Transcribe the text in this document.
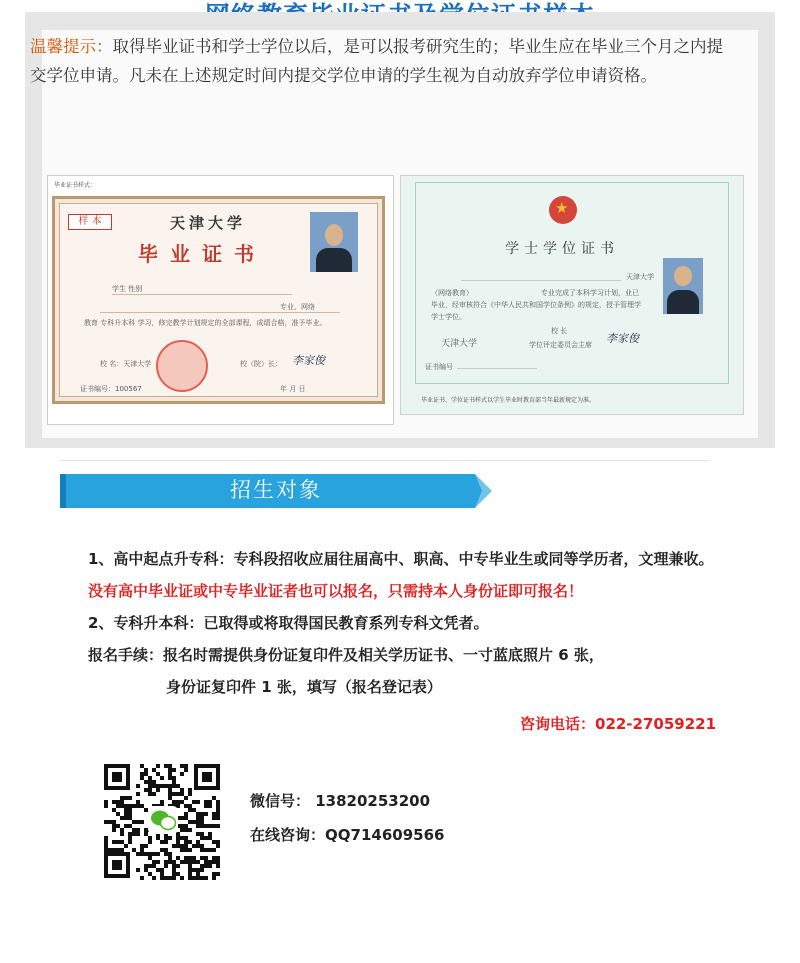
温馨提示：取得毕业证书和学士学位以后，是可以报考研究生的；毕业生应在毕业三个月之内提交学位申请。凡未在上述规定时间内提交学位申请的学生视为自动放弃学位申请资格。
毕业证书样式：
样 本	天津大学
毕业证书
学生 性别
专业，网络
教育 专科升本科 学习，修完教学计划规定的全部课程，成绩合格，准予毕业。
校 名：天津大学	校（院）长： 李家俊
证书编号：100567	年 月 日
★
学士学位证书
天津大学
（网络教育）	专业完成了本科学习计划，业已
毕业，经审核符合《中华人民共和国学位条例》的规定，授予管理学
学士学位。
天津大学
校 长
学位评定委员会主席 李家俊
证书编号
毕业证书、学位证书样式以学生毕业时教育部当年最新规定为准。
招生对象
1、高中起点升专科：专科段招收应届往届高中、职高、中专毕业生或同等学历者，文理兼收。
没有高中毕业证或中专毕业证者也可以报名，只需持本人身份证即可报名！
2、专科升本科：已取得或将取得国民教育系列专科文凭者。
报名手续：报名时需提供身份证复印件及相关学历证书、一寸蓝底照片 6 张，
身份证复印件 1 张，填写（报名登记表）
咨询电话：022-27059221
微信号： 13820253200
在线咨询：QQ714609566
